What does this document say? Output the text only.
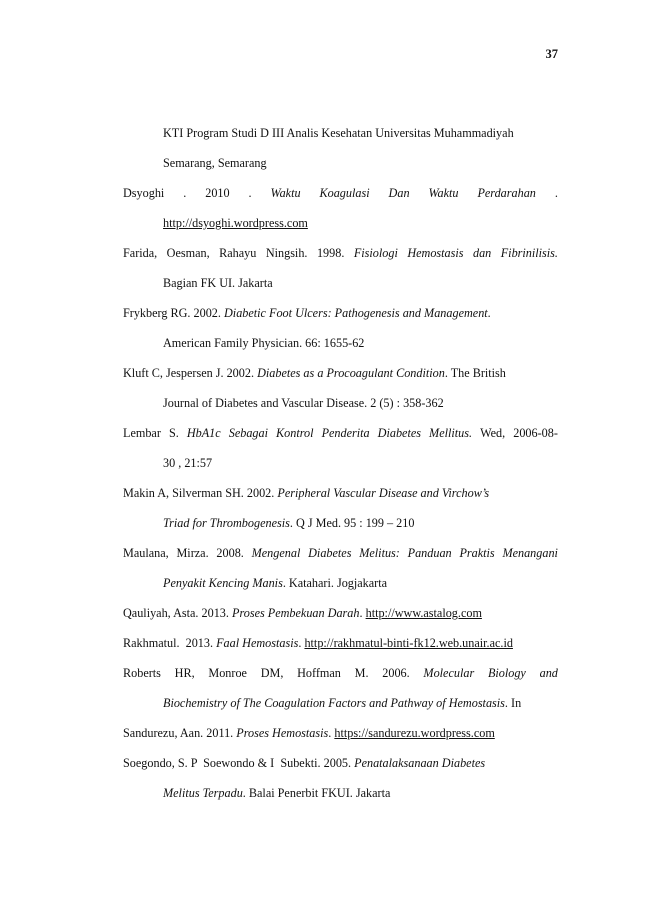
37
KTI Program Studi D III Analis Kesehatan Universitas Muhammadiyah
Semarang, Semarang
Dsyoghi . 2010 . Waktu Koagulasi Dan Waktu Perdarahan .
http://dsyoghi.wordpress.com
Farida, Oesman, Rahayu Ningsih. 1998. Fisiologi Hemostasis dan Fibrinilisis.
Bagian FK UI. Jakarta
Frykberg RG. 2002. Diabetic Foot Ulcers: Pathogenesis and Management.
American Family Physician. 66: 1655-62
Kluft C, Jespersen J. 2002. Diabetes as a Procoagulant Condition. The British
Journal of Diabetes and Vascular Disease. 2 (5) : 358-362
Lembar S. HbA1c Sebagai Kontrol Penderita Diabetes Mellitus. Wed, 2006-08-
30 , 21:57
Makin A, Silverman SH. 2002. Peripheral Vascular Disease and Virchow’s
Triad for Thrombogenesis. Q J Med. 95 : 199 – 210
Maulana, Mirza. 2008. Mengenal Diabetes Melitus: Panduan Praktis Menangani
Penyakit Kencing Manis. Katahari. Jogjakarta
Qauliyah, Asta. 2013. Proses Pembekuan Darah. http://www.astalog.com
Rakhmatul.  2013. Faal Hemostasis. http://rakhmatul-binti-fk12.web.unair.ac.id
Roberts HR, Monroe DM, Hoffman M. 2006. Molecular Biology and
Biochemistry of The Coagulation Factors and Pathway of Hemostasis. In
Sandurezu, Aan. 2011. Proses Hemostasis. https://sandurezu.wordpress.com
Soegondo, S. P  Soewondo & I  Subekti. 2005. Penatalaksanaan Diabetes
Melitus Terpadu. Balai Penerbit FKUI. Jakarta
